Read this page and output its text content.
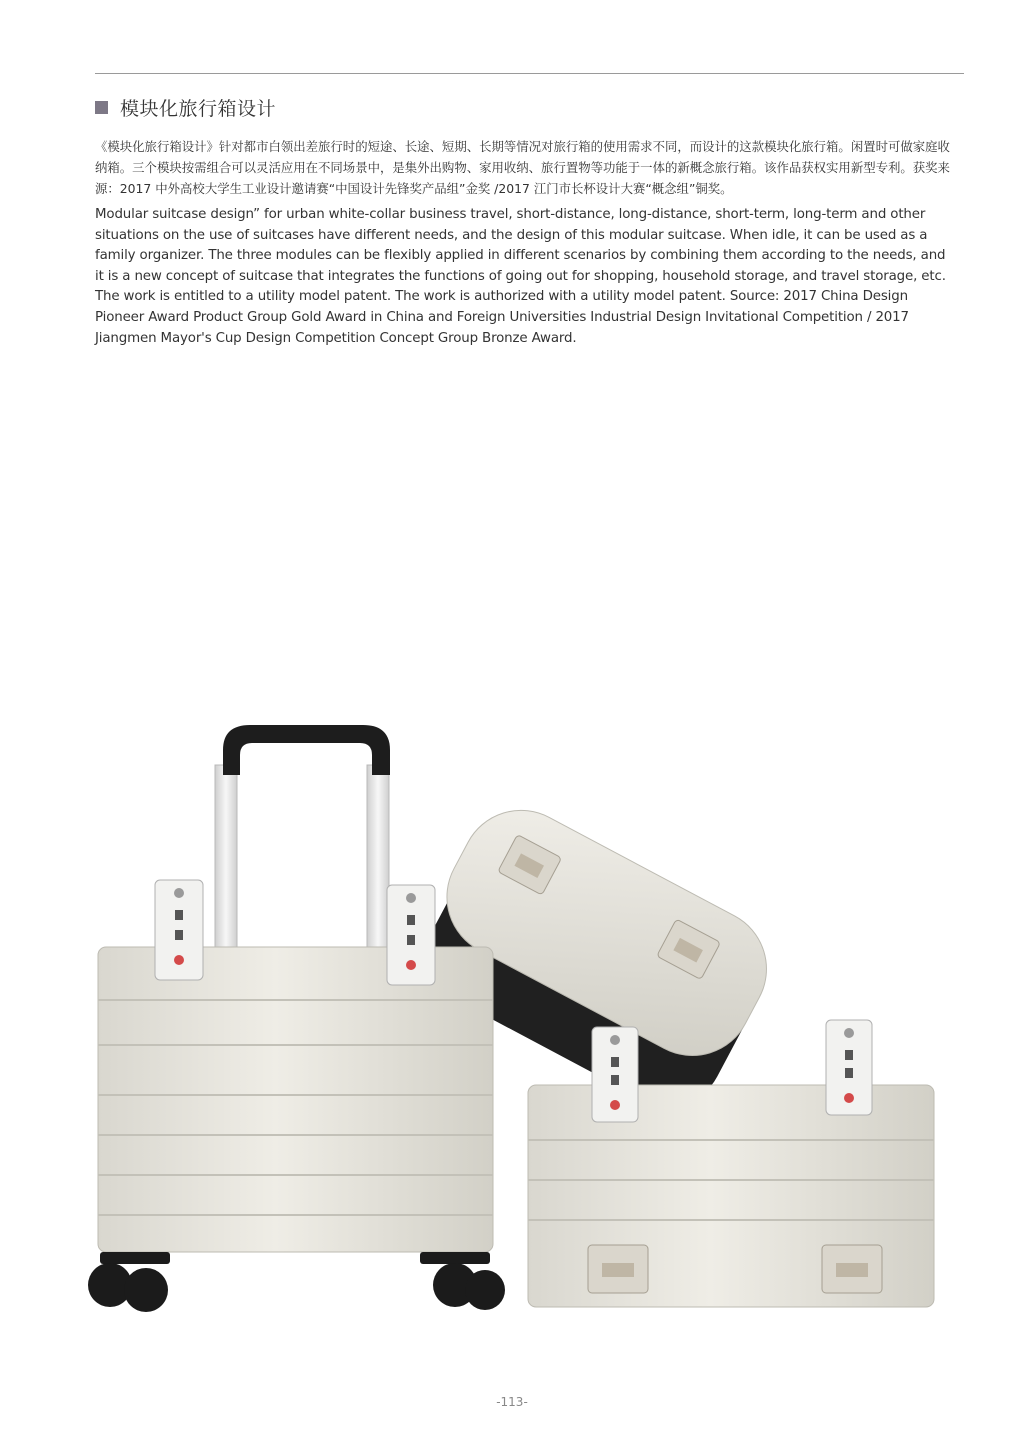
模块化旅行箱设计
《模块化旅行箱设计》针对都市白领出差旅行时的短途、长途、短期、长期等情况对旅行箱的使用需求不同，而设计的这款模块化旅行箱。闲置时可做家庭收纳箱。三个模块按需组合可以灵活应用在不同场景中，是集外出购物、家用收纳、旅行置物等功能于一体的新概念旅行箱。该作品获权实用新型专利。获奖来源：2017 中外高校大学生工业设计邀请赛“中国设计先锋奖产品组”金奖 /2017 江门市长杯设计大赛“概念组”铜奖。
Modular suitcase design” for urban white-collar business travel, short-distance, long-distance, short-term, long-term and other situations on the use of suitcases have different needs, and the design of this modular suitcase. When idle, it can be used as a family organizer. The three modules can be flexibly applied in different scenarios by combining them according to the needs, and it is a new concept of suitcase that integrates the functions of going out for shopping, household storage, and travel storage, etc. The work is entitled to a utility model patent. The work is authorized with a utility model patent. Source: 2017 China Design Pioneer Award Product Group Gold Award in China and Foreign Universities Industrial Design Invitational Competition / 2017 Jiangmen Mayor's Cup Design Competition Concept Group Bronze Award.
-113-
